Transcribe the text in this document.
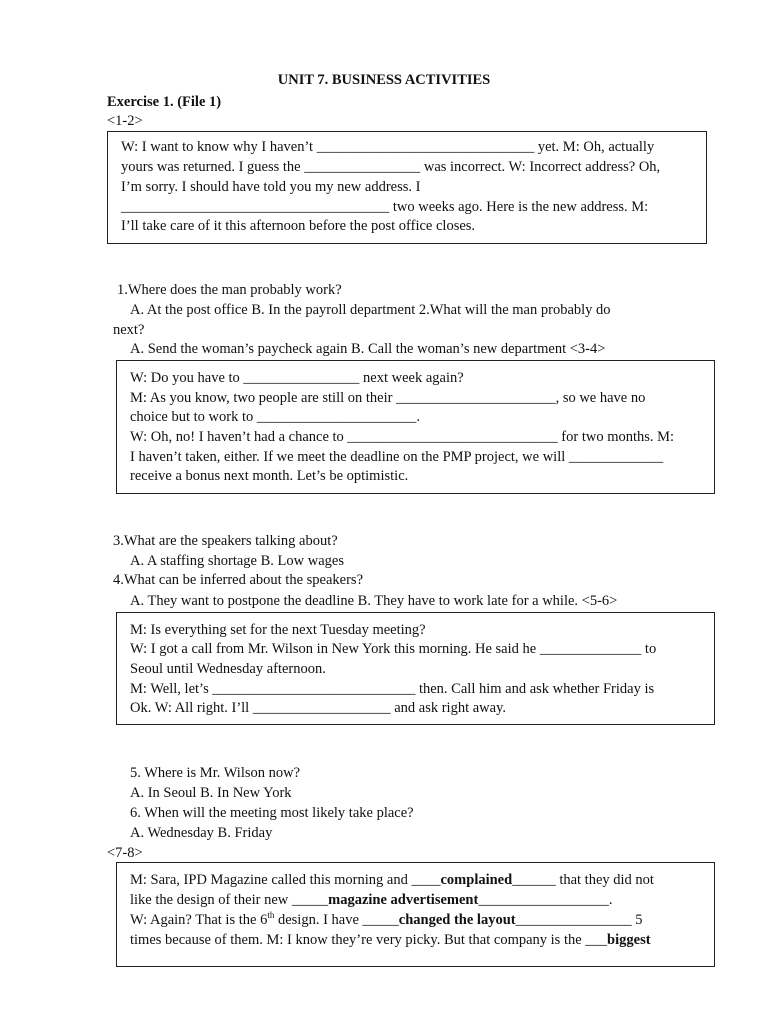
UNIT 7. BUSINESS ACTIVITIES
Exercise 1. (File 1)
<1-2>
W: I want to know why I haven’t ______________________________ yet. M: Oh, actually
yours was returned. I guess the ________________ was incorrect. W: Incorrect address? Oh,
I’m sorry. I should have told you my new address. I
_____________________________________ two weeks ago. Here is the new address. M:
I’ll take care of it this afternoon before the post office closes.
1.Where does the man probably work?
A. At the post office B. In the payroll department 2.What will the man probably do
next?
A. Send the woman’s paycheck again B. Call the woman’s new department <3-4>
W: Do you have to ________________ next week again?
M: As you know, two people are still on their ______________________, so we have no
choice but to work to ______________________.
W: Oh, no! I haven’t had a chance to _____________________________ for two months. M:
I haven’t taken, either. If we meet the deadline on the PMP project, we will _____________
receive a bonus next month. Let’s be optimistic.
3.What are the speakers talking about?
A. A staffing shortage B. Low wages
4.What can be inferred about the speakers?
A. They want to postpone the deadline B. They have to work late for a while. <5-6>
M: Is everything set for the next Tuesday meeting?
W: I got a call from Mr. Wilson in New York this morning. He said he ______________ to
Seoul until Wednesday afternoon.
M: Well, let’s ____________________________ then. Call him and ask whether Friday is
Ok. W: All right. I’ll ___________________ and ask right away.
5. Where is Mr. Wilson now?
A. In Seoul B. In New York
6. When will the meeting most likely take place?
A. Wednesday B. Friday
<7-8>
M: Sara, IPD Magazine called this morning and ____complained______ that they did not
like the design of their new _____magazine advertisement__________________.
W: Again? That is the 6th design. I have _____changed the layout________________ 5
times because of them. M: I know they’re very picky. But that company is the ___biggest
